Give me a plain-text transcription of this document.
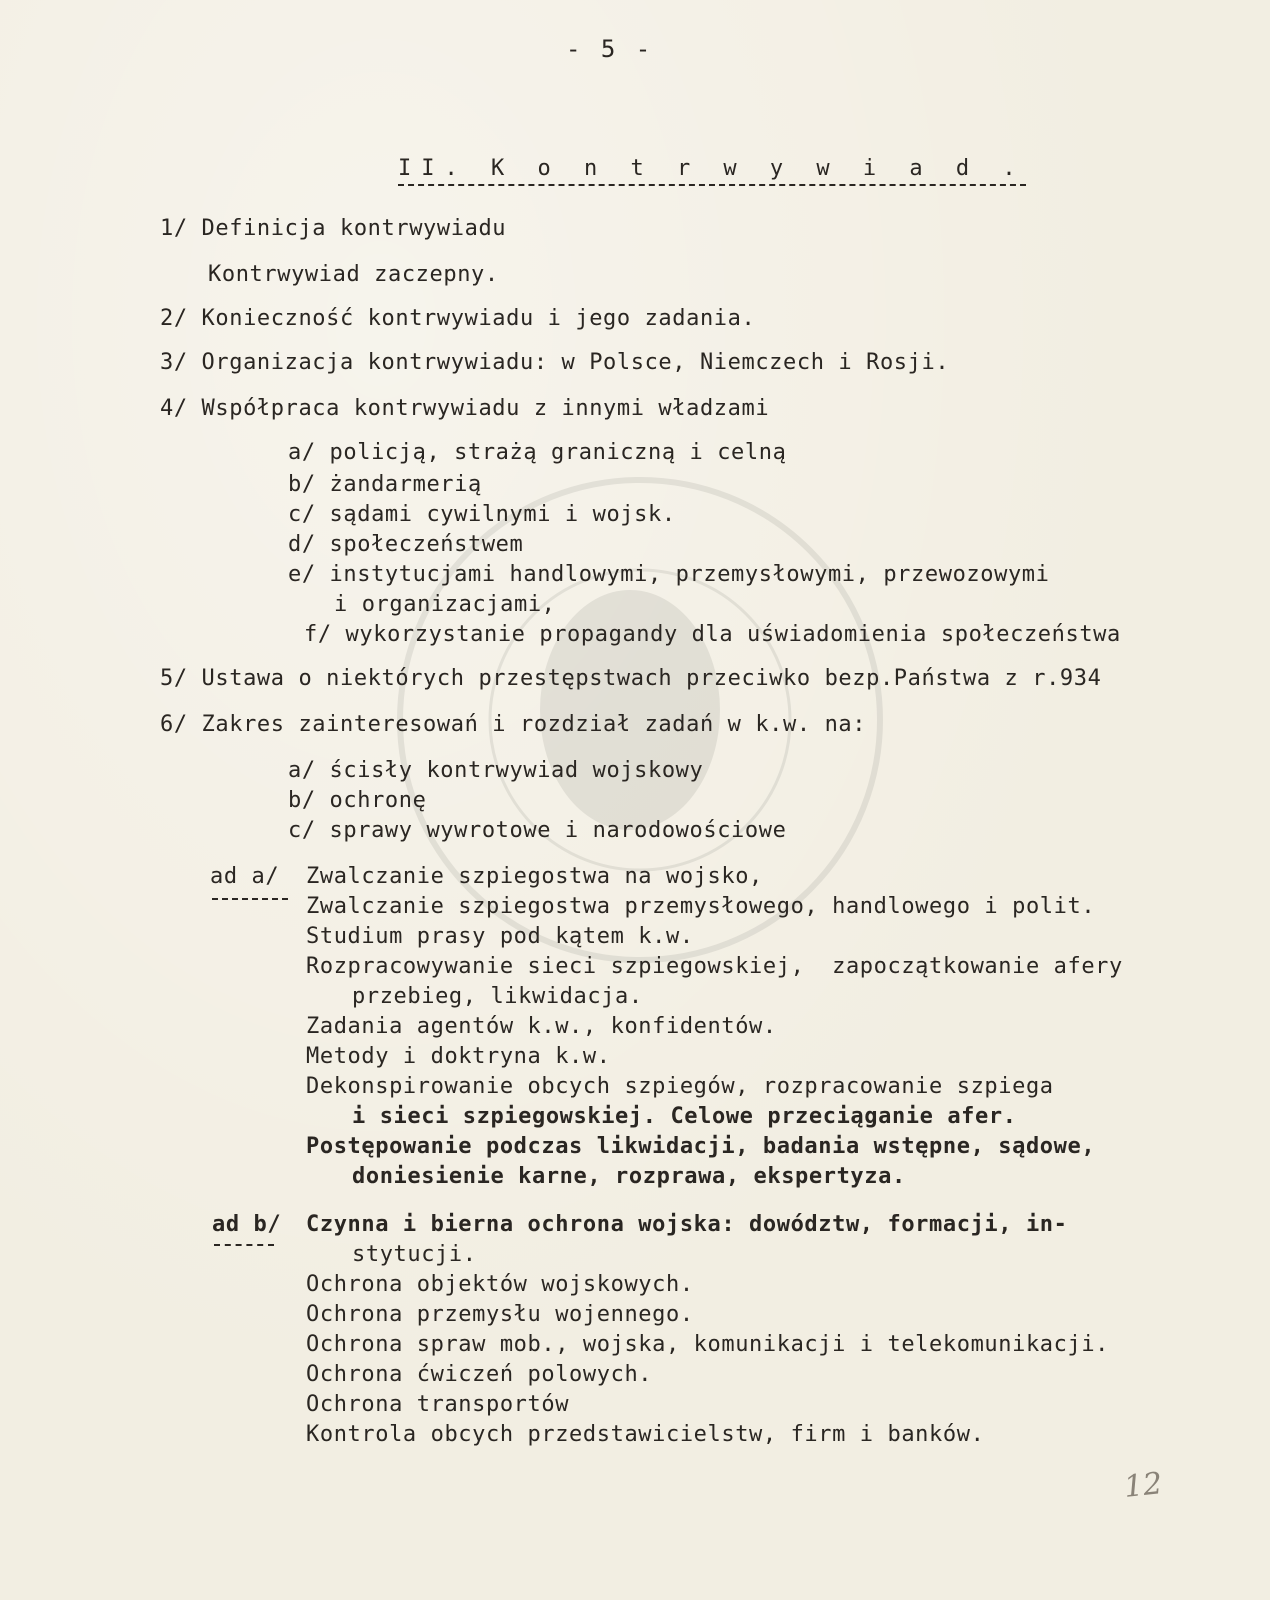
- 5 -
II. K o n t r w y w i a d .
1/ Definicja kontrwywiadu
Kontrwywiad zaczepny.
2/ Konieczność kontrwywiadu i jego zadania.
3/ Organizacja kontrwywiadu: w Polsce, Niemczech i Rosji.
4/ Współpraca kontrwywiadu z innymi władzami
a/ policją, strażą graniczną i celną
b/ żandarmerią
c/ sądami cywilnymi i wojsk.
d/ społeczeństwem
e/ instytucjami handlowymi, przemysłowymi, przewozowymi
i organizacjami,
f/ wykorzystanie propagandy dla uświadomienia społeczeństwa
5/ Ustawa o niektórych przestępstwach przeciwko bezp.Państwa z r.934
6/ Zakres zainteresowań i rozdział zadań w k.w. na:
a/ ścisły kontrwywiad wojskowy
b/ ochronę
c/ sprawy wywrotowe i narodowościowe
ad a/ Zwalczanie szpiegostwa na wojsko,
Zwalczanie szpiegostwa przemysłowego, handlowego i polit.
Studium prasy pod kątem k.w.
Rozpracowywanie sieci szpiegowskiej,  zapoczątkowanie afery
przebieg, likwidacja.
Zadania agentów k.w., konfidentów.
Metody i doktryna k.w.
Dekonspirowanie obcych szpiegów, rozpracowanie szpiega
i sieci szpiegowskiej. Celowe przeciąganie afer.
Postępowanie podczas likwidacji, badania wstępne, sądowe,
doniesienie karne, rozprawa, ekspertyza.
ad b/ Czynna i bierna ochrona wojska: dowództw, formacji, in-
stytucji.
Ochrona objektów wojskowych.
Ochrona przemysłu wojennego.
Ochrona spraw mob., wojska, komunikacji i telekomunikacji.
Ochrona ćwiczeń polowych.
Ochrona transportów
Kontrola obcych przedstawicielstw, firm i banków.
12
